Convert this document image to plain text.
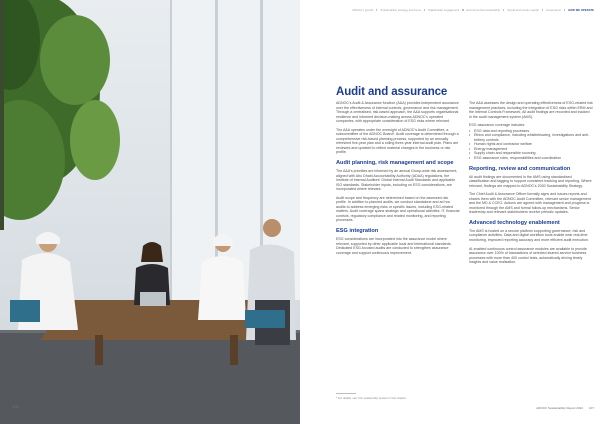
108
ADNOC's growth	Sustainability strategy and focus	Stakeholder engagement	Environmental stewardship	Social and human capital	Governance	HOW WE OPERATE
Audit and assurance

ADNOC's Audit & Assurance function (A&A) provides independent assurance over the effectiveness of internal controls, governance and risk management. Through a centralised, risk-based approach, the A&A supports organisational resilience and informed decision-making across ADNOC's operated companies, with appropriate consideration of ESG risks where relevant.

The A&A operates under the oversight of ADNOC's Audit Committee, a subcommittee of the ADNOC Board*. Audit coverage is determined through a comprehensive risk-based planning process, supported by an annually refreshed five-year plan and a rolling three-year internal audit plan. Plans are reviewed and updated to reflect material changes in the business or risk profile.

Audit planning, risk management and scope

The A&A's priorities are informed by an annual Group-wide risk assessment, aligned with Abu Dhabi Accountability Authority (ADAA) regulations, the Institute of Internal Auditors' Global Internal Audit Standards and applicable ISO standards. Stakeholder inputs, including on ESG considerations, are incorporated where relevant.

Audit scope and frequency are determined based on the assessed risk profile. In addition to planned audits, we conduct standalone and ad hoc audits to address emerging risks or specific issues, including ESG-related matters. Audit coverage spans strategic and operational activities, IT, financial controls, regulatory compliance and related monitoring, and reporting processes.

ESG integration

ESG considerations are incorporated into the assurance model where relevant, supported by other applicable local and international standards. Dedicated ESG-focused audits are conducted to strengthen assurance coverage and support continuous improvement.

The A&A assesses the design and operating effectiveness of ESG-related risk management practices, including the integration of ESG risks within ERM and the Internal Controls Framework. All audit findings are recorded and tracked in the audit management system (AMS).

ESG assurance coverage includes:

• ESG data and reporting processes
• Ethics and compliance, including whistleblowing, investigations and anti-bribery controls
• Human rights and contractor welfare
• Energy management
• Supply chain and responsible sourcing
• ESG assurance roles, responsibilities and coordination
Reporting, review and communication

All audit findings are documented in the AMS using standardised classification and tagging to support consistent tracking and reporting. Where relevant, findings are mapped to ADNOC's 2030 Sustainability Strategy.

The Chief Audit & Assurance Officer formally signs and issues reports and shares them with the ADNOC Audit Committee, relevant senior management and the MD & CCEO. Actions are agreed with management and progress is monitored through the AMS and formal follow-up mechanisms. Senior leadership and relevant stakeholders receive periodic updates.

Advanced technology enablement

The AMS is hosted on a secure platform supporting governance, risk and compliance activities. Data and digital workflow tools enable near real-time monitoring, improved reporting accuracy and more efficient audit execution.

AI-enabled continuous control assurance modules are available to provide assurance over 100% of transactions of selected shared-service business processes with more than 400 control tests, automatically driving timely insights and value realisation.

* For details, see 'Our Leadership' section in this chapter.
ADNOC Sustainability Report 2024 107
